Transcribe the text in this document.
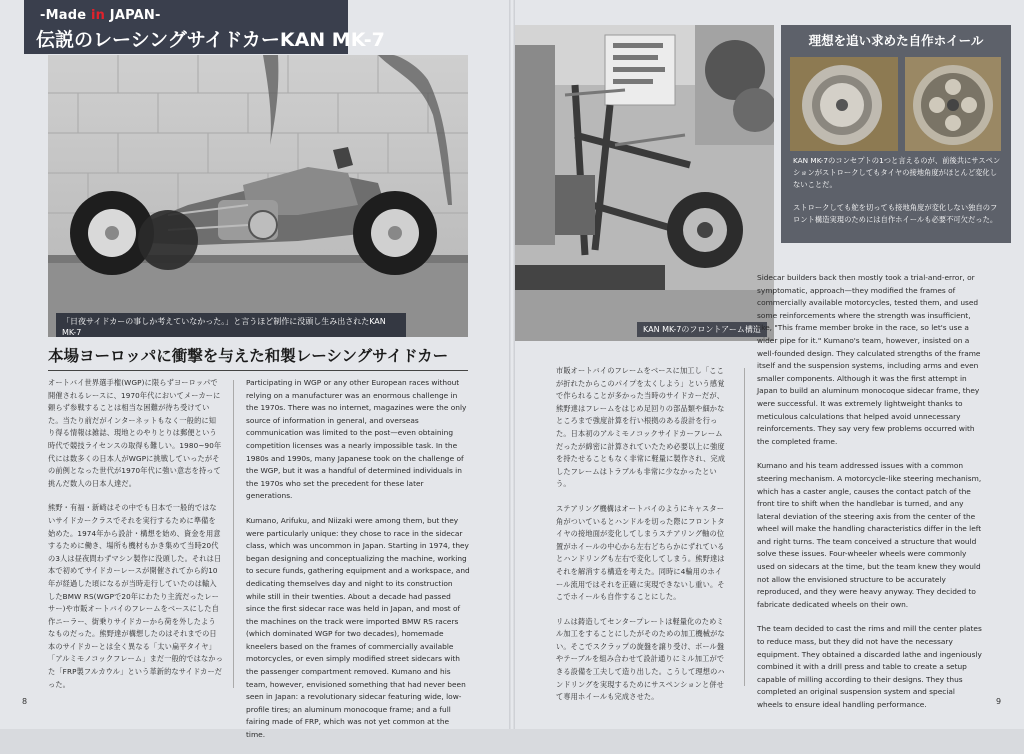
-Made in JAPAN-
伝説のレーシングサイドカーKAN MK-7
「日夜サイドカーの事しか考えていなかった。」と言うほど制作に没頭し生み出されたKAN MK-7
本場ヨーロッパに衝撃を与えた和製レーシングサイドカー

オートバイ世界選手権(WGP)に限らずヨーロッパで開催されるレースに、1970年代においてメーカーに頼らず参戦することは相当な困難が待ち受けていた。当たり前だがインターネットもなく一般的に知り得る情報は雑誌、現地とのやりとりは郵便という時代で競技ライセンスの取得も難しい。1980~90年代には数多くの日本人がWGPに挑戦していったがその前例となった世代が1970年代に強い意志を持って挑んだ数人の日本人達だ。

熊野・有福・新崎はその中でも日本で一般的ではないサイドカークラスでそれを実行するために準備を始めた。1974年から設計・構想を始め、資金を用意するために働き、場所も機材もかき集めて当時20代の3人は昼夜問わずマシン製作に没頭した。それは日本で初めてサイドカーレースが開催されてから約10年が経過した頃になるが当時走行していたのは輸入したBMW RS(WGPで20年にわたり主流だったレーサー)や市販オートバイのフレームをベースにした自作ニーラー、街乗りサイドカーから荷を外したようなものだった。熊野達が構想したのはそれまでの日本のサイドカーとは全く異なる「太い扁平タイヤ」「アルミモノコックフレーム」まだ一般的ではなかった「FRP製フルカウル」という革新的なサイドカーだった。

Participating in WGP or any other European races without relying on a manufacturer was an enormous challenge in the 1970s. There was no internet, magazines were the only source of information in general, and overseas communication was limited to the post—even obtaining competition licenses was a nearly impossible task. In the 1980s and 1990s, many Japanese took on the challenge of the WGP, but it was a handful of determined individuals in the 1970s who set the precedent for these later generations.

Kumano, Arifuku, and Niizaki were among them, but they were particularly unique: they chose to race in the sidecar class, which was uncommon in Japan. Starting in 1974, they began designing and conceptualizing the machine, working to secure funds, gathering equipment and a workspace, and dedicating themselves day and night to its construction while still in their twenties. About a decade had passed since the first sidecar race was held in Japan, and most of the machines on the track were imported BMW RS racers (which dominated WGP for two decades), homemade kneelers based on the frames of commercially available motorcycles, or even simply modified street sidecars with the passenger compartment removed. Kumano and his team, however, envisioned something that had never been seen in Japan: a revolutionary sidecar featuring wide, low-profile tires; an aluminum monocoque frame; and a full fairing made of FRP, which was not yet common at the time.

KAN MK-7のフロントアーム構造
理想を追い求めた自作ホイール

KAN MK-7のコンセプトの1つと言えるのが、前後共にサスペンションがストロークしてもタイヤの接地角度がほとんど変化しないことだ。

ストロークしても舵を切っても接地角度が変化しない独自のフロント構造実現のためには自作ホイールも必要不可欠だった。

市販オートバイのフレームをベースに加工し「ここが折れたからこのパイプを太くしよう」という感覚で作られることが多かった当時のサイドカーだが、熊野達はフレームをはじめ足回りの部品類や細かなところまで強度計算を行い根拠のある設計を行った。日本初のアルミモノコックサイドカーフレームだったが綿密に計算されていたため必要以上に強度を持たせることもなく非常に軽量に製作され、完成したフレームはトラブルも非常に少なかったという。

ステアリング機構はオートバイのようにキャスター角がついているとハンドルを切った際にフロントタイヤの接地面が変化してしまうステアリング軸の位置がホイールの中心から左右どちらかにずれているとハンドリングも左右で変化してしまう。熊野達はそれを解消する構造を考えた。同時に4輪用のホイール流用ではそれを正確に実現できないし重い。そこでホイールも自作することにした。

リムは鋳造してセンタープレートは軽量化のためミル加工をすることにしたがそのための加工機械がない。そこでスクラップの旋盤を譲り受け、ボール盤やテーブルを組み合わせて設計通りにミル加工ができる設備を工夫して造り出した。こうして理想のハンドリングを実現するためにサスペンションと併せて専用ホイールも完成させた。

Sidecar builders back then mostly took a trial-and-error, or symptomatic, approach—they modified the frames of commercially available motorcycles, tested them, and used some reinforcements where the strength was insufficient, like, "This frame member broke in the race, so let's use a wider pipe for it." Kumano's team, however, insisted on a well-founded design. They calculated strengths of the frame itself and the suspension systems, including arms and even smaller components. Although it was the first attempt in Japan to build an aluminum monocoque sidecar frame, they were successful. It was extremely lightweight thanks to meticulous calculations that helped avoid unnecessary reinforcements. They say very few problems occurred with the completed frame.

Kumano and his team addressed issues with a common steering mechanism. A motorcycle-like steering mechanism, which has a caster angle, causes the contact patch of the front tire to shift when the handlebar is turned, and any lateral deviation of the steering axis from the center of the wheel will make the handling characteristics differ in the left and right turns. The team conceived a structure that would solve these issues. Four-wheeler wheels were commonly used on sidecars at the time, but the team knew they would not allow the envisioned structure to be accurately reproduced, and they were heavy anyway. They decided to fabricate dedicated wheels on their own.

The team decided to cast the rims and mill the center plates to reduce mass, but they did not have the necessary equipment. They obtained a discarded lathe and ingeniously combined it with a drill press and table to create a setup capable of milling according to their designs. They thus completed an original suspension system and special wheels to ensure ideal handling performance.

8	9
